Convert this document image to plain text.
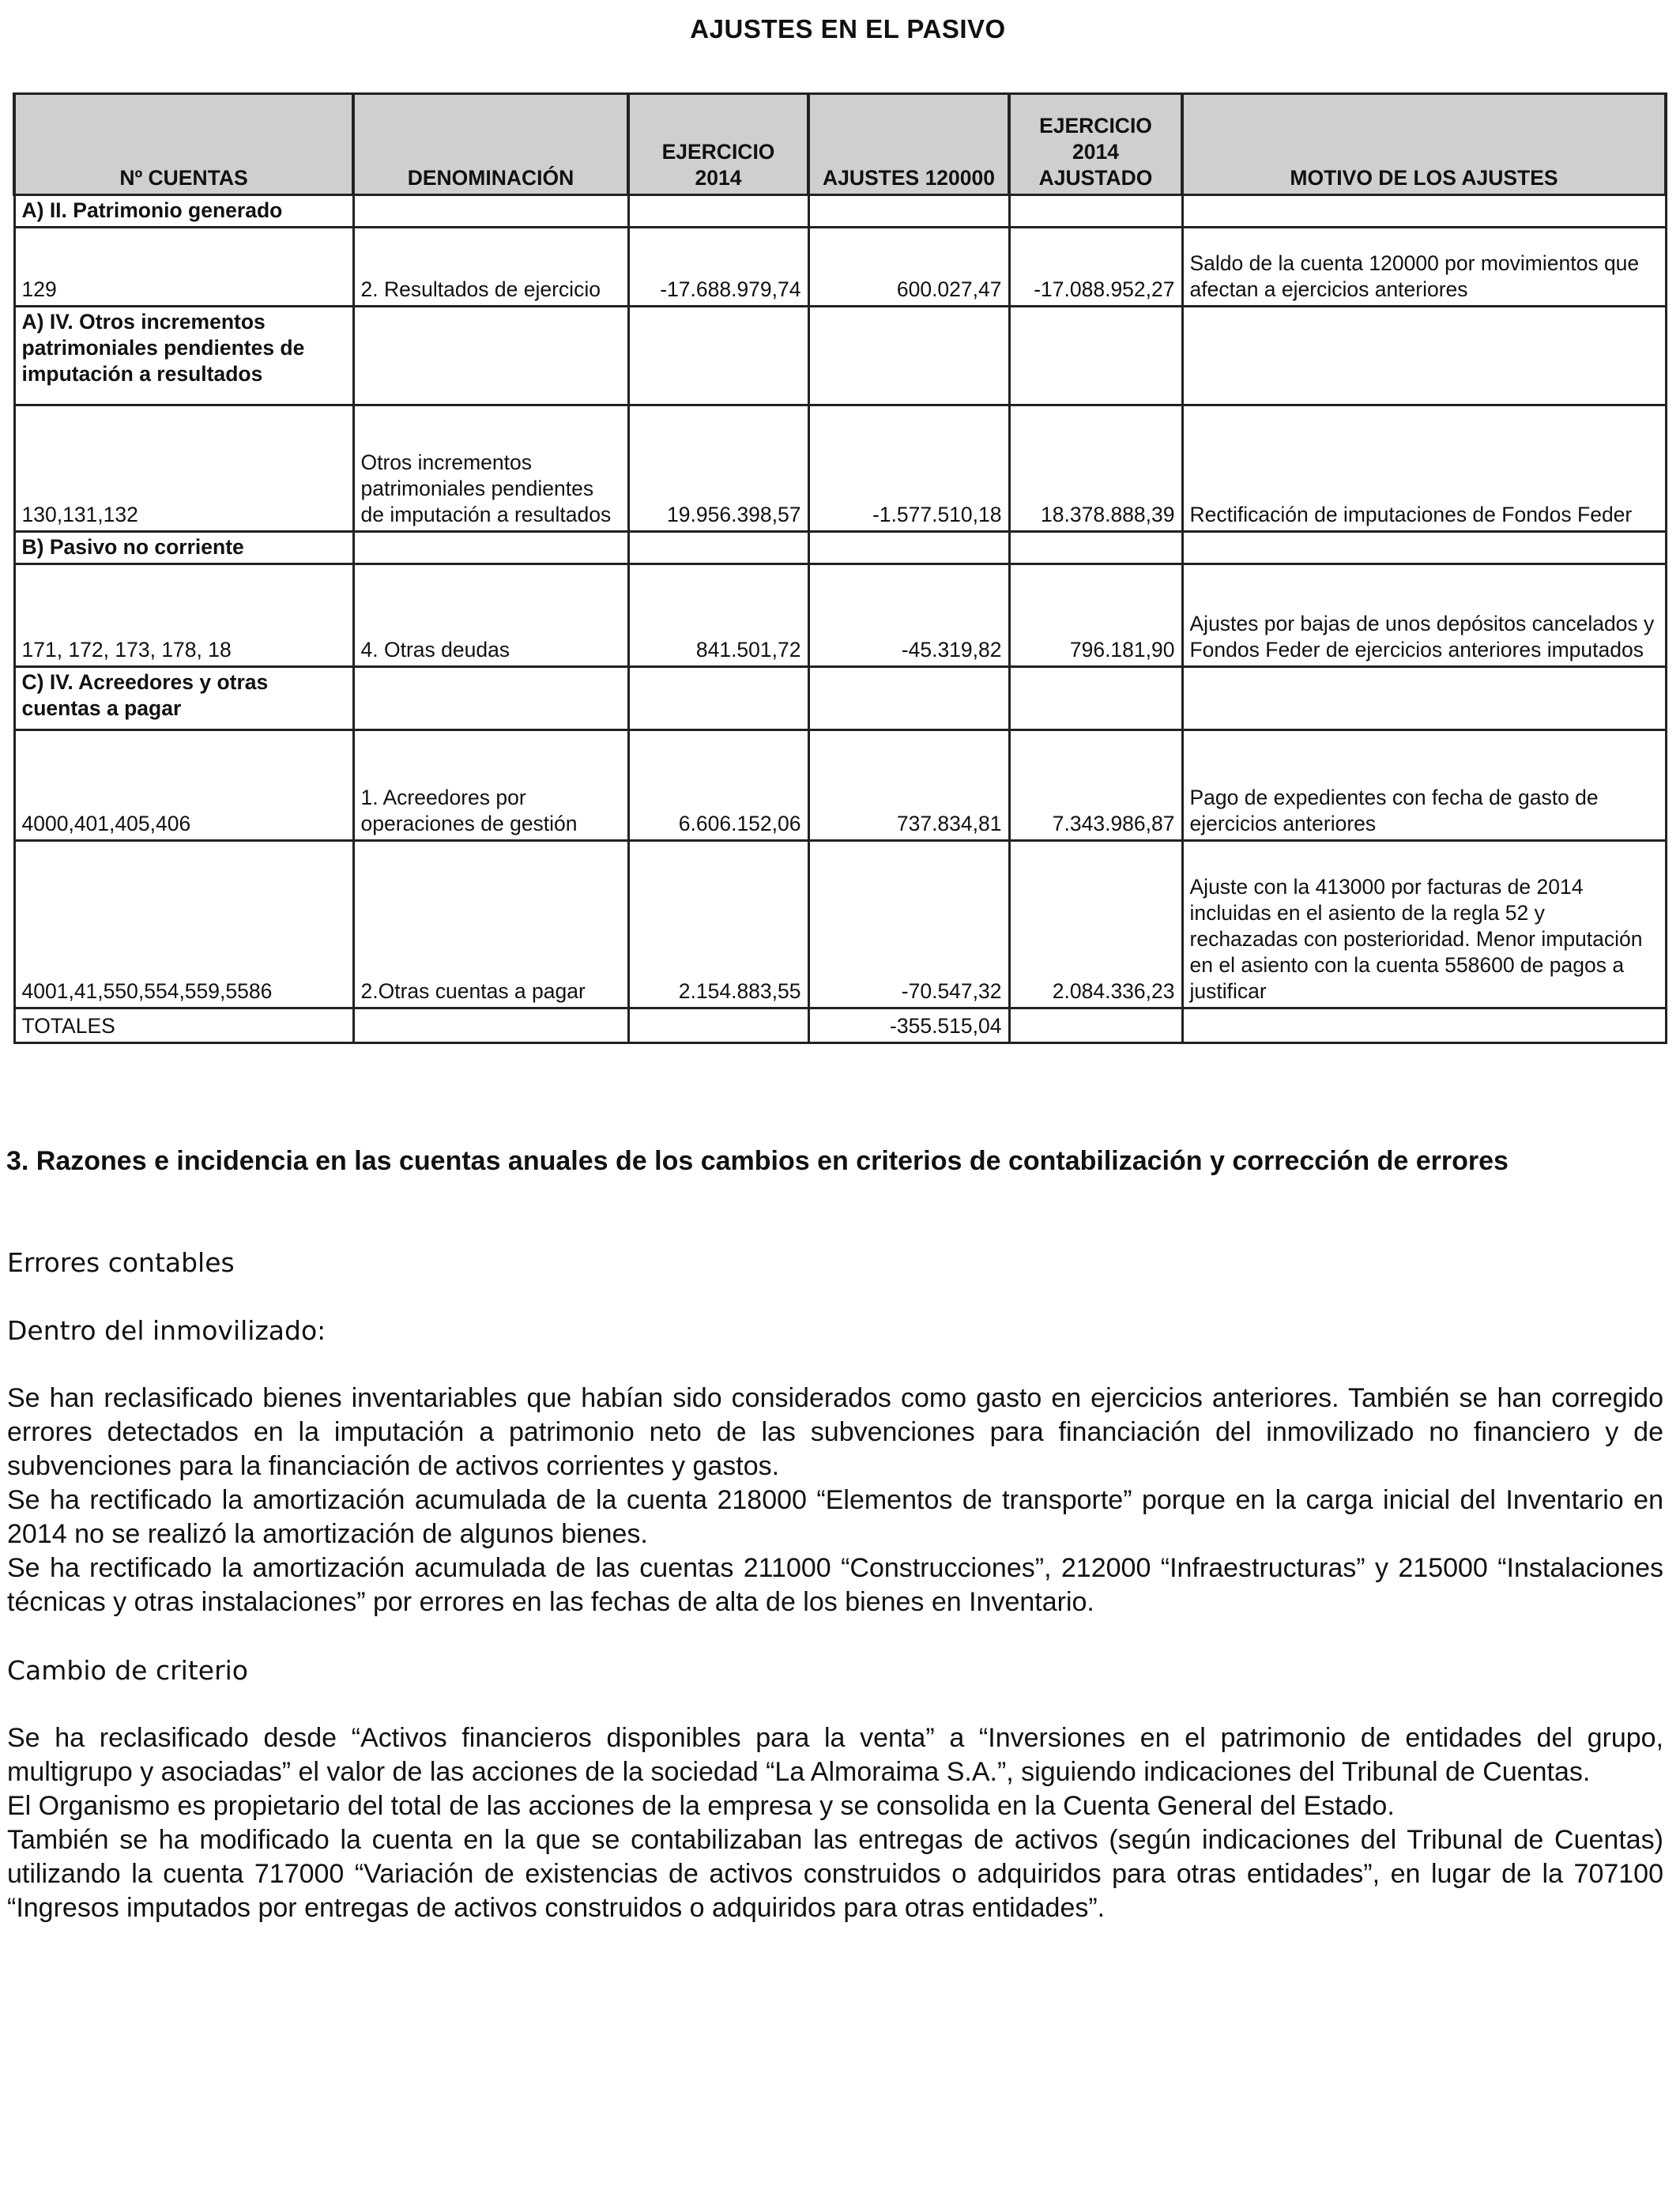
AJUSTES EN EL PASIVO
Nº CUENTAS	DENOMINACIÓN	EJERCICIO 2014	AJUSTES 120000	EJERCICIO 2014 AJUSTADO	MOTIVO DE LOS AJUSTES
A) II. Patrimonio generado					
129	2. Resultados de ejercicio	-17.688.979,74	600.027,47	-17.088.952,27	Saldo de la cuenta 120000 por movimientos que afectan a ejercicios anteriores
A) IV. Otros incrementos patrimoniales pendientes de imputación a resultados					
130,131,132	Otros incrementos patrimoniales pendientes de imputación a resultados	19.956.398,57	-1.577.510,18	18.378.888,39	Rectificación de imputaciones de Fondos Feder
B) Pasivo no corriente					
171, 172, 173, 178, 18	4. Otras deudas	841.501,72	-45.319,82	796.181,90	Ajustes por bajas de unos depósitos cancelados y Fondos Feder de ejercicios anteriores imputados
C) IV. Acreedores y otras cuentas a pagar					
4000,401,405,406	1. Acreedores por operaciones de gestión	6.606.152,06	737.834,81	7.343.986,87	Pago de expedientes con fecha de gasto de ejercicios anteriores
4001,41,550,554,559,5586	2.Otras cuentas a pagar	2.154.883,55	-70.547,32	2.084.336,23	Ajuste con la 413000 por facturas de 2014 incluidas en el asiento de la regla 52 y rechazadas con posterioridad. Menor imputación en el asiento con la cuenta 558600 de pagos a justificar
TOTALES			-355.515,04		
3. Razones e incidencia en las cuentas anuales de los cambios en criterios de contabilización y corrección de errores

Errores contables

Dentro del inmovilizado:

Se han reclasificado bienes inventariables que habían sido considerados como gasto en ejercicios anteriores. También se han corregido errores detectados en la imputación a patrimonio neto de las subvenciones para financiación del inmovilizado no financiero y de subvenciones para la financiación de activos corrientes y gastos.

Se ha rectificado la amortización acumulada de la cuenta 218000 “Elementos de transporte” porque en la carga inicial del Inventario en 2014 no se realizó la amortización de algunos bienes.

Se ha rectificado la amortización acumulada de las cuentas 211000 “Construcciones”, 212000 “Infraestructuras” y 215000 “Instalaciones técnicas y otras instalaciones” por errores en las fechas de alta de los bienes en Inventario.

Cambio de criterio

Se ha reclasificado desde “Activos financieros disponibles para la venta” a “Inversiones en el patrimonio de entidades del grupo, multigrupo y asociadas” el valor de las acciones de la sociedad “La Almoraima S.A.”, siguiendo indicaciones del Tribunal de Cuentas.

El Organismo es propietario del total de las acciones de la empresa y se consolida en la Cuenta General del Estado.

También se ha modificado la cuenta en la que se contabilizaban las entregas de activos (según indicaciones del Tribunal de Cuentas) utilizando la cuenta 717000 “Variación de existencias de activos construidos o adquiridos para otras entidades”, en lugar de la 707100 “Ingresos imputados por entregas de activos construidos o adquiridos para otras entidades”.
